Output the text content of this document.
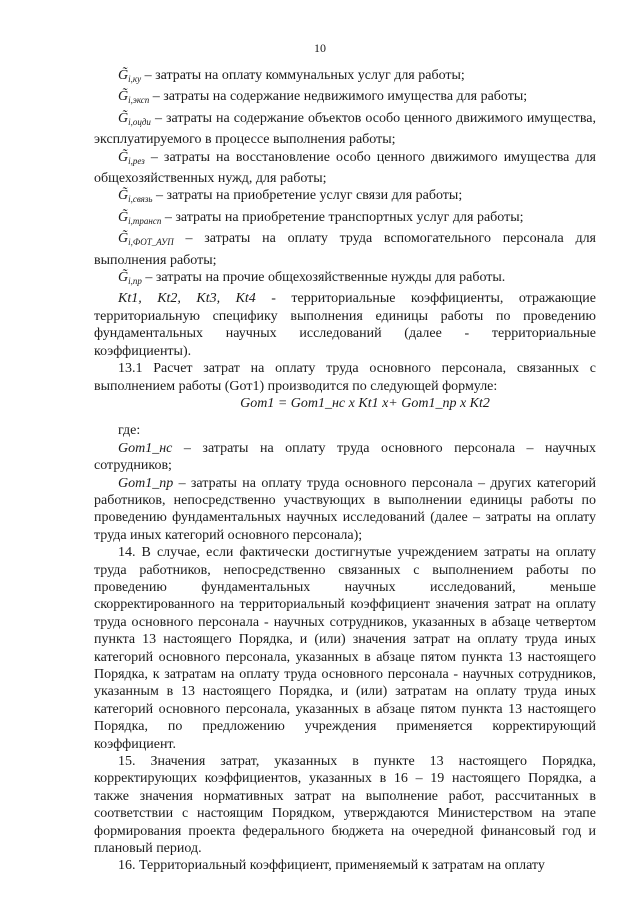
10

$G̃_{i,ку}$ – затраты на оплату коммунальных услуг для работы;

$G̃_{i,эксп}$ – затраты на содержание недвижимого имущества для работы;

$G̃_{i,оцди}$ – затраты на содержание объектов особо ценного движимого имущества, эксплуатируемого в процессе выполнения работы;

$G̃_{i,рез}$ – затраты на восстановление особо ценного движимого имущества для общехозяйственных нужд, для работы;

$G̃_{i,связь}$ – затраты на приобретение услуг связи для работы;

$G̃_{i,трансп}$ – затраты на приобретение транспортных услуг для работы;

$G̃_{i,ФОТ\_АУП}$ – затраты на оплату труда вспомогательного персонала для выполнения работы;

$G̃_{i,пр}$ – затраты на прочие общехозяйственные нужды для работы.

Kt1, Kt2, Kt3, Kt4 - территориальные коэффициенты, отражающие территориальную специфику выполнения единицы работы по проведению фундаментальных научных исследований (далее - территориальные коэффициенты).

13.1 Расчет затрат на оплату труда основного персонала, связанных с выполнением работы (Gот1) производится по следующей формуле:

Gот1 = Gот1_нс x Kt1 x+ Gот1_пр x Kt2

где:

Gот1_нс – затраты на оплату труда основного персонала – научных сотрудников;

Gот1_пр – затраты на оплату труда основного персонала – других категорий работников, непосредственно участвующих в выполнении единицы работы по проведению фундаментальных научных исследований (далее – затраты на оплату труда иных категорий основного персонала);

14. В случае, если фактически достигнутые учреждением затраты на оплату труда работников, непосредственно связанных с выполнением работы по проведению фундаментальных научных исследований, меньше скорректированного на территориальный коэффициент значения затрат на оплату труда основного персонала - научных сотрудников, указанных в абзаце четвертом пункта 13 настоящего Порядка, и (или) значения затрат на оплату труда иных категорий основного персонала, указанных в абзаце пятом пункта 13 настоящего Порядка, к затратам на оплату труда основного персонала - научных сотрудников, указанным в 13 настоящего Порядка, и (или) затратам на оплату труда иных категорий основного персонала, указанных в абзаце пятом пункта 13 настоящего Порядка, по предложению учреждения применяется корректирующий коэффициент.

15. Значения затрат, указанных в пункте 13 настоящего Порядка, корректирующих коэффициентов, указанных в 16 – 19 настоящего Порядка, а также значения нормативных затрат на выполнение работ, рассчитанных в соответствии с настоящим Порядком, утверждаются Министерством на этапе формирования проекта федерального бюджета на очередной финансовый год и плановый период.

16. Территориальный коэффициент, применяемый к затратам на оплату
